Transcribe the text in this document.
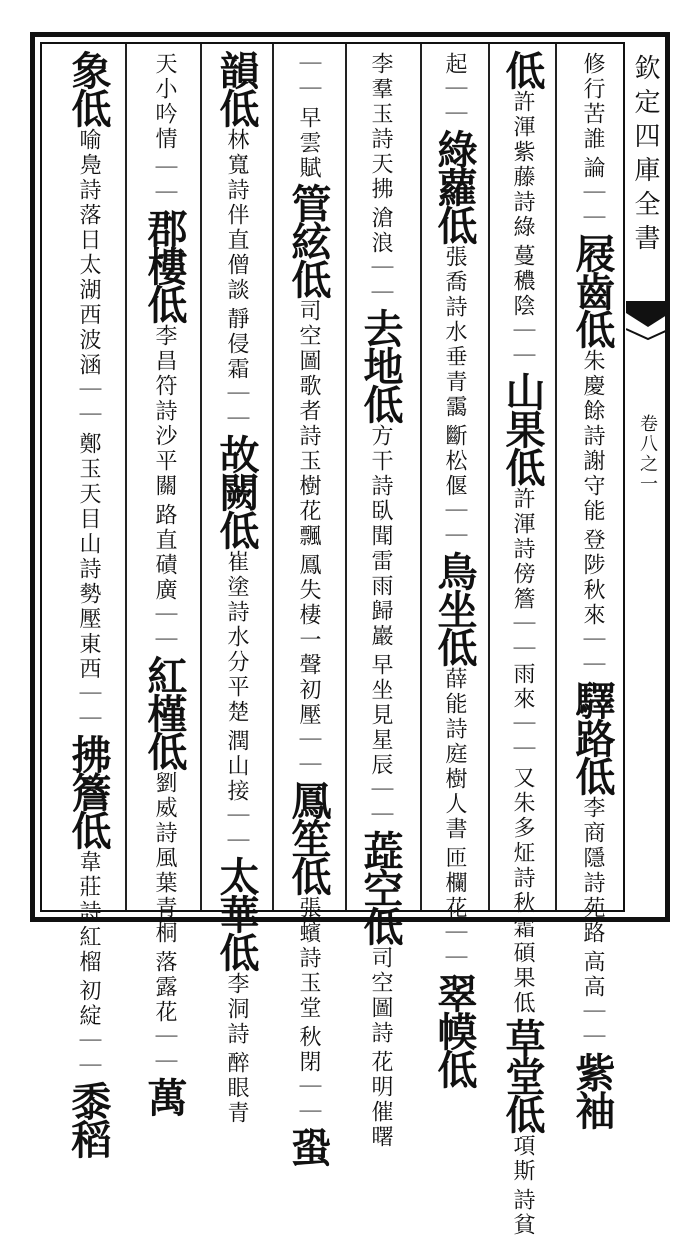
修行苦誰
論｜｜
屐齒低
朱慶餘詩謝守能
登陟秋來｜｜
驛路低
李商隱詩苑路
高高｜｜
紫袖
低
許渾紫藤詩綠
蔓穠陰｜｜
山果低
許渾詩傍簷｜｜雨來｜｜
又朱多炡詩秋霜碩果低
草堂低
項斯
詩貧
起｜｜
綠蘿低
張喬詩水垂青靄
斷松偃｜｜
鳥坐低
薛能詩庭樹人書
匝欄花｜｜
翠幙低
李羣玉詩天拂
滄浪｜｜
去地低
方干詩臥聞雷雨歸巖
早坐見星辰｜｜
蕋空低
司空圖詩
花明催曙
｜｜
早雲賦
管絃低
司空圖歌者詩玉樹花飄
鳳失棲一聲初壓｜｜
鳳笙低
張蠙詩玉堂
秋閉｜｜
蛩
韻低
林寬詩伴直僧談
靜侵霜｜｜
故闕低
崔塗詩水分平楚
潤山接｜｜
太華低
李洞詩
醉眼青
天小吟情
｜｜
郡樓低
李昌符詩沙平關
路直磧廣｜｜
紅槿低
劉威詩風葉青桐
落露花｜｜
萬
象低
喻鳧詩落日太湖西波涵｜｜
鄭玉天目山詩勢壓東西｜｜
拂簷低
韋莊詩紅榴
初綻｜｜
黍稻
欽定四庫全書
卷八之一
